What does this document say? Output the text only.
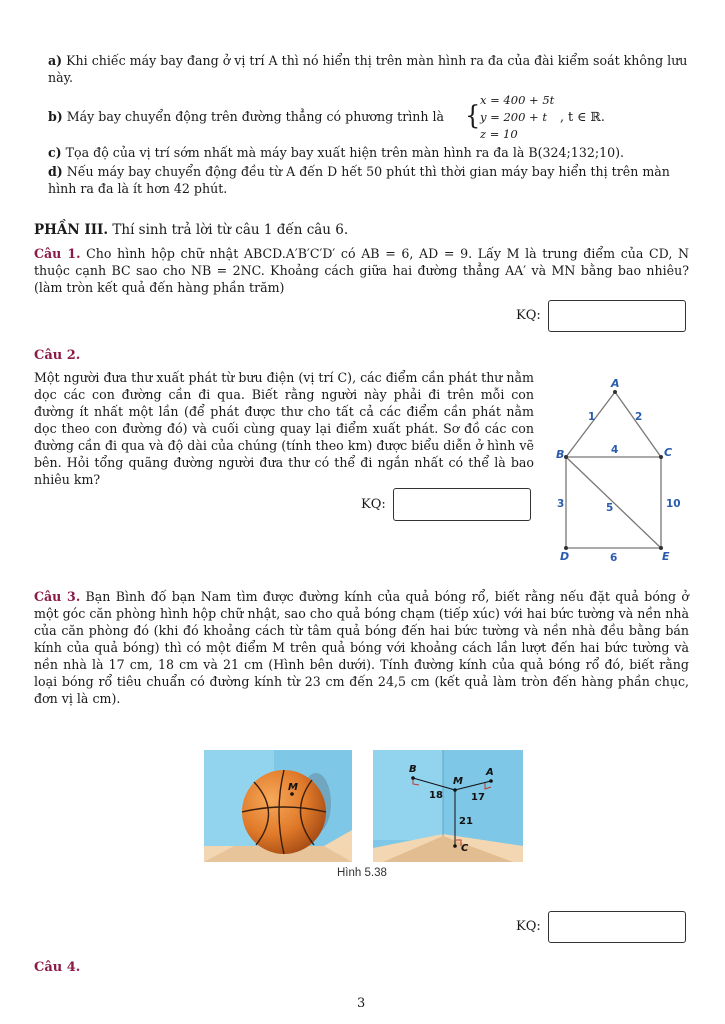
a) Khi chiếc máy bay đang ở vị trí A thì nó hiển thị trên màn hình ra đa của đài kiểm soát không lưu này.
b) Máy bay chuyển động trên đường thẳng có phương trình là { x = 400 + 5t
y = 200 + t
z = 10
, t ∈ ℝ.
c) Tọa độ của vị trí sớm nhất mà máy bay xuất hiện trên màn hình ra đa là B(324;132;10).
d) Nếu máy bay chuyển động đều từ A đến D hết 50 phút thì thời gian máy bay hiển thị trên màn hình ra đa là ít hơn 42 phút.
PHẦN III. Thí sinh trả lời từ câu 1 đến câu 6.
Câu 1. Cho hình hộp chữ nhật ABCD.A′B′C′D′ có AB = 6, AD = 9. Lấy M là trung điểm của CD, N thuộc cạnh BC sao cho NB = 2NC. Khoảng cách giữa hai đường thẳng AA′ và MN bằng bao nhiêu? (làm tròn kết quả đến hàng phần trăm)
KQ:
Câu 2.
Một người đưa thư xuất phát từ bưu điện (vị trí C), các điểm cần phát thư nằm dọc các con đường cần đi qua. Biết rằng người này phải đi trên mỗi con đường ít nhất một lần (để phát được thư cho tất cả các điểm cần phát nằm dọc theo con đường đó) và cuối cùng quay lại điểm xuất phát. Sơ đồ các con đường cần đi qua và độ dài của chúng (tính theo km) được biểu diễn ở hình vẽ bên. Hỏi tổng quãng đường người đưa thư có thể đi ngắn nhất có thể là bao nhiêu km?
KQ:
A
B	C
D	E
1	2
4
3	5	10
6
Câu 3. Bạn Bình đố bạn Nam tìm được đường kính của quả bóng rổ, biết rằng nếu đặt quả bóng ở một góc căn phòng hình hộp chữ nhật, sao cho quả bóng chạm (tiếp xúc) với hai bức tường và nền nhà của căn phòng đó (khi đó khoảng cách từ tâm quả bóng đến hai bức tường và nền nhà đều bằng bán kính của quả bóng) thì có một điểm M trên quả bóng với khoảng cách lần lượt đến hai bức tường và nền nhà là 17 cm, 18 cm và 21 cm (Hình bên dưới). Tính đường kính của quả bóng rổ đó, biết rằng loại bóng rổ tiêu chuẩn có đường kính từ 23 cm đến 24,5 cm (kết quả làm tròn đến hàng phần chục, đơn vị là cm).
M
B
M
A
C
18	17
21
Hình 5.38
KQ:
Câu 4.
3
